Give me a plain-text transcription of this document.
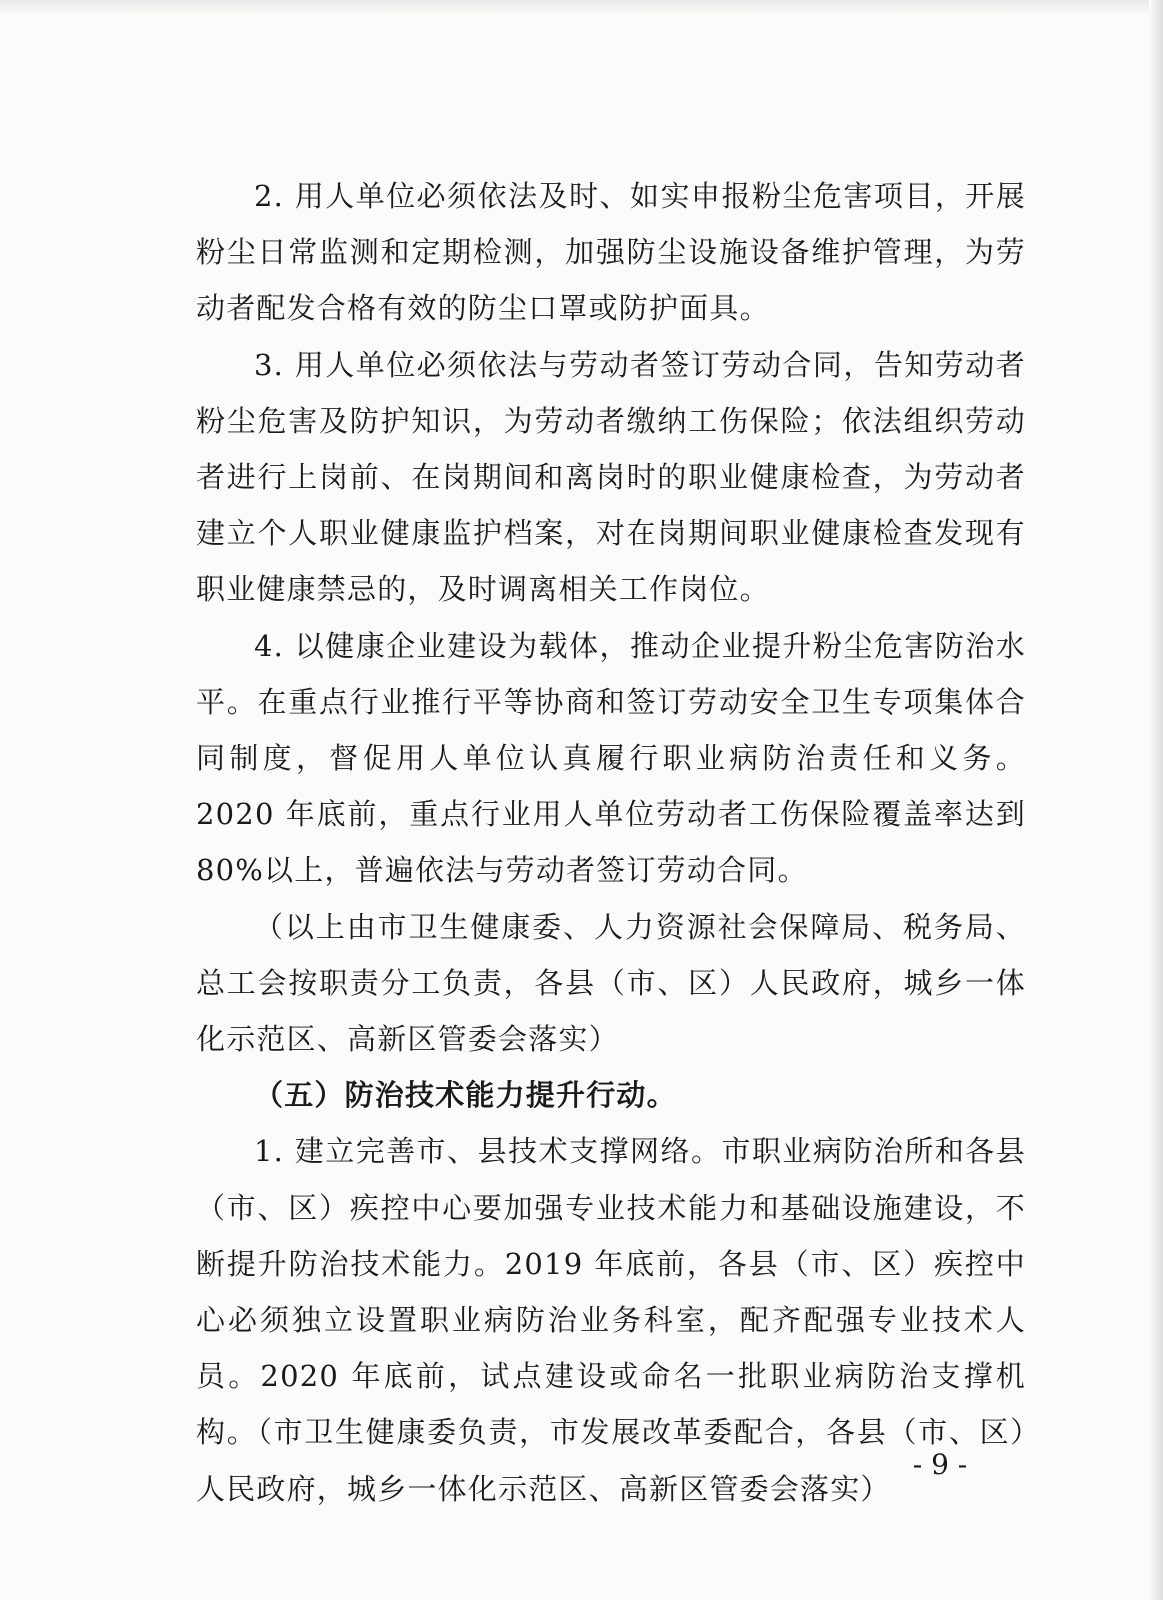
2. 用人单位必须依法及时、如实申报粉尘危害项目，开展粉尘日常监测和定期检测，加强防尘设施设备维护管理，为劳动者配发合格有效的防尘口罩或防护面具。

3. 用人单位必须依法与劳动者签订劳动合同，告知劳动者粉尘危害及防护知识，为劳动者缴纳工伤保险；依法组织劳动者进行上岗前、在岗期间和离岗时的职业健康检查，为劳动者建立个人职业健康监护档案，对在岗期间职业健康检查发现有职业健康禁忌的，及时调离相关工作岗位。

4. 以健康企业建设为载体，推动企业提升粉尘危害防治水平。在重点行业推行平等协商和签订劳动安全卫生专项集体合同制度，督促用人单位认真履行职业病防治责任和义务。2020 年底前，重点行业用人单位劳动者工伤保险覆盖率达到 80%以上，普遍依法与劳动者签订劳动合同。

（以上由市卫生健康委、人力资源社会保障局、税务局、总工会按职责分工负责，各县（市、区）人民政府，城乡一体化示范区、高新区管委会落实）

（五）防治技术能力提升行动。

1. 建立完善市、县技术支撑网络。市职业病防治所和各县（市、区）疾控中心要加强专业技术能力和基础设施建设，不断提升防治技术能力。2019 年底前，各县（市、区）疾控中心必须独立设置职业病防治业务科室，配齐配强专业技术人员。2020 年底前，试点建设或命名一批职业病防治支撑机构。（市卫生健康委负责，市发展改革委配合，各县（市、区）人民政府，城乡一体化示范区、高新区管委会落实）

- 9 -
